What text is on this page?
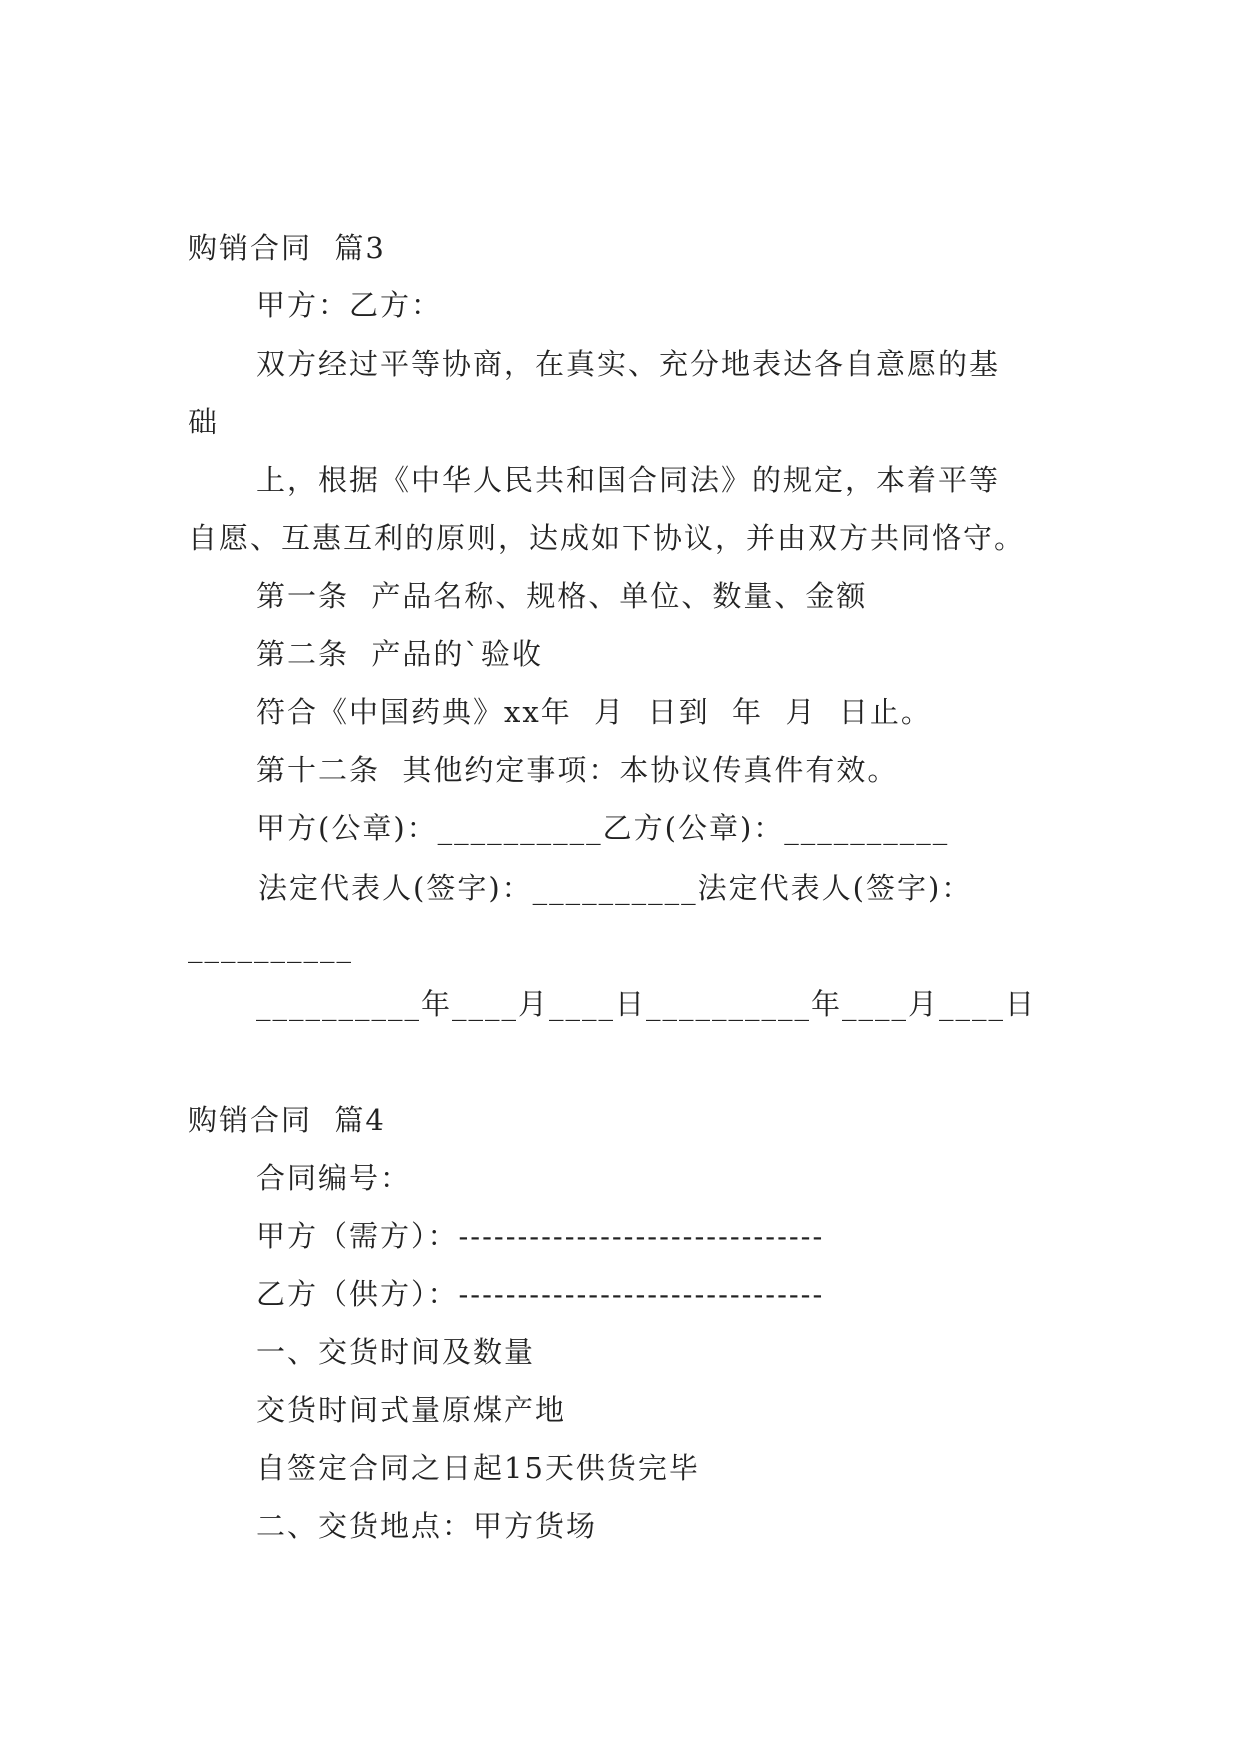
购销合同  篇3
甲方：乙方：
双方经过平等协商，在真实、充分地表达各自意愿的基
础
上，根据《中华人民共和国合同法》的规定，本着平等
自愿、互惠互利的原则，达成如下协议，并由双方共同恪守。
第一条  产品名称、规格、单位、数量、金额
第二条  产品的`验收
符合《中国药典》xx年  月  日到  年  月  日止。
第十二条  其他约定事项：本协议传真件有效。
甲方(公章)：__________乙方(公章)：__________
法定代表人(签字)：__________法定代表人(签字)：
__________
__________年____月____日__________年____月____日
购销合同  篇4
合同编号：
甲方（需方）：-------------------------------
乙方（供方）：-------------------------------
一、交货时间及数量
交货时间式量原煤产地
自签定合同之日起15天供货完毕
二、交货地点：甲方货场
